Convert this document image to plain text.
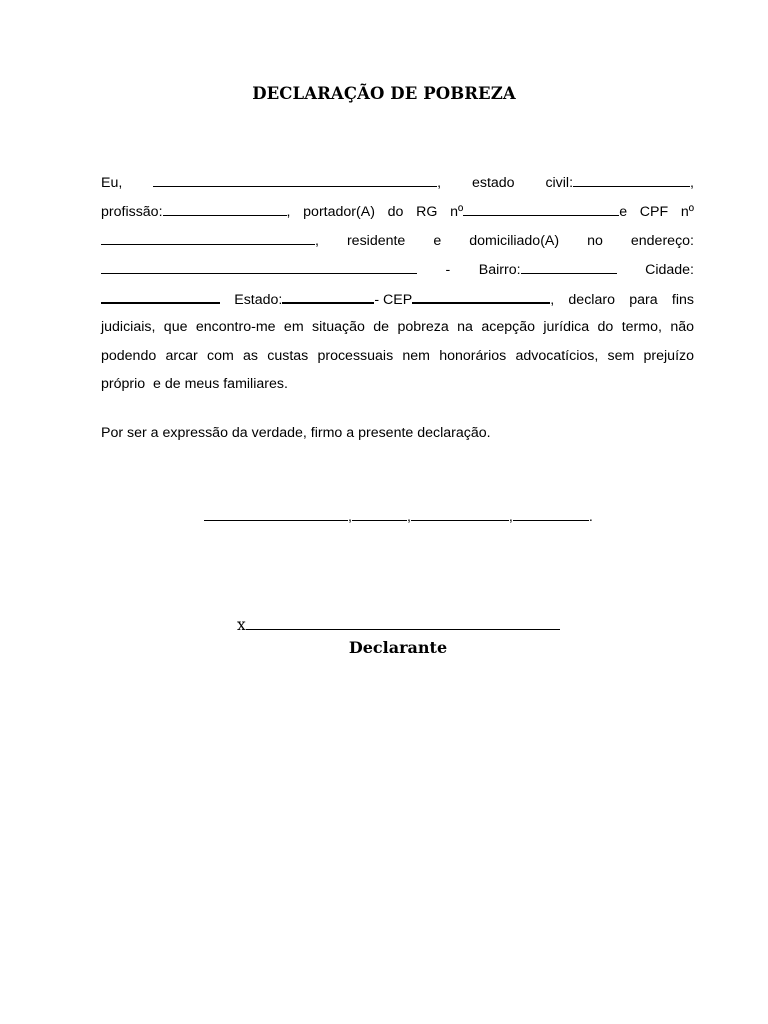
DECLARAÇÃO DE POBREZA
Eu,	, estado civil:	,
profissão:	, portador(A) do RG nº	e CPF nº
, residente e domiciliado(A) no endereço:
- Bairro:	Cidade:
Estado:	- CEP	, declaro para fins
judiciais, que encontro-me em situação de pobreza na acepção jurídica do termo, não
podendo arcar com as custas processuais nem honorários advocatícios, sem prejuízo
próprio  e de meus familiares.
Por ser a expressão da verdade, firmo a presente declaração.
,	,	,	.
x
Declarante
